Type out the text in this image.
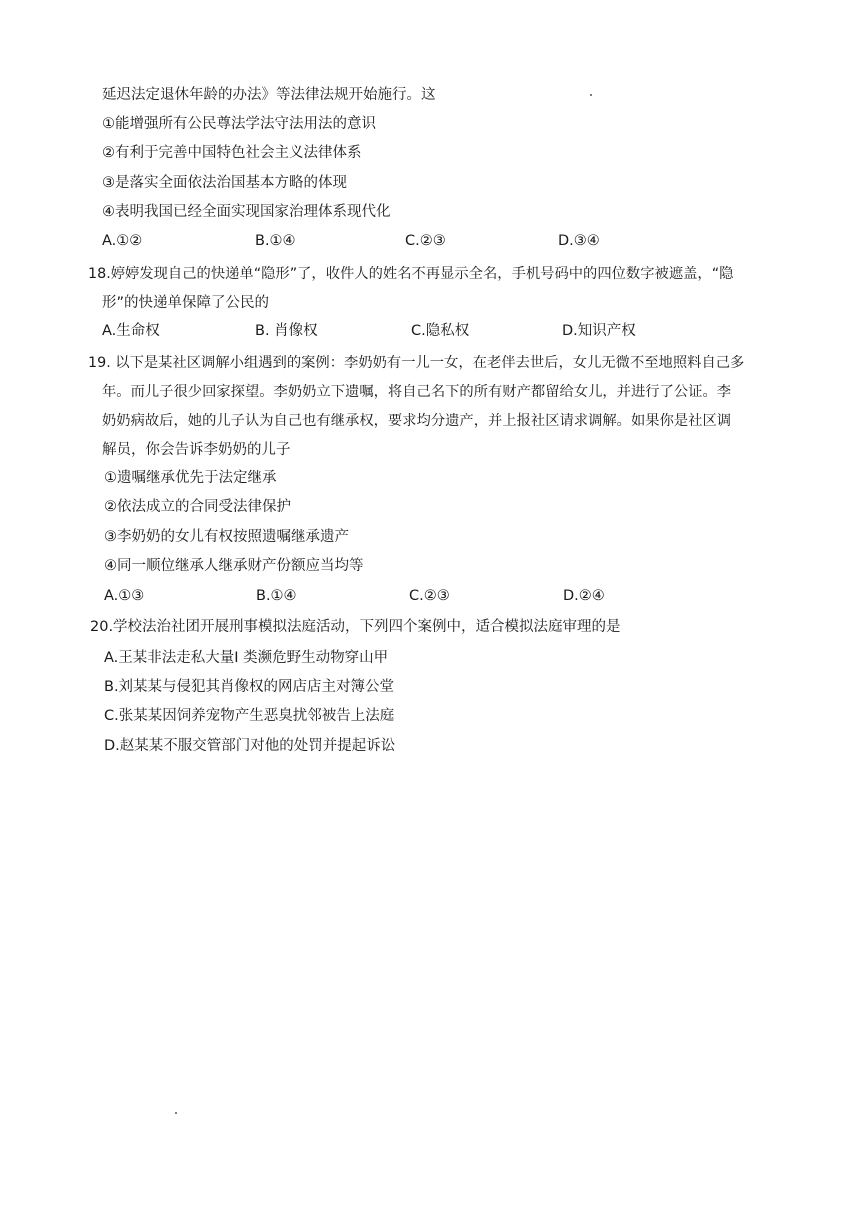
延迟法定退休年龄的办法》等法律法规开始施行。这
①能增强所有公民尊法学法守法用法的意识
②有利于完善中国特色社会主义法律体系
③是落实全面依法治国基本方略的体现
④表明我国已经全面实现国家治理体系现代化
A.①②	B.①④	C.②③	D.③④
18.婷婷发现自己的快递单“隐形”了，收件人的姓名不再显示全名，手机号码中的四位数字被遮盖，“隐
形”的快递单保障了公民的
A.生命权	B. 肖像权	C.隐私权	D.知识产权
19. 以下是某社区调解小组遇到的案例：李奶奶有一儿一女，在老伴去世后，女儿无微不至地照料自己多
年。而儿子很少回家探望。李奶奶立下遗嘱，将自己名下的所有财产都留给女儿，并进行了公证。李
奶奶病故后，她的儿子认为自己也有继承权，要求均分遗产，并上报社区请求调解。如果你是社区调
解员，你会告诉李奶奶的儿子
①遗嘱继承优先于法定继承
②依法成立的合同受法律保护
③李奶奶的女儿有权按照遗嘱继承遗产
④同一顺位继承人继承财产份额应当均等
A.①③	B.①④	C.②③	D.②④
20.学校法治社团开展刑事模拟法庭活动，下列四个案例中，适合模拟法庭审理的是
A.王某非法走私大量Ⅰ 类濒危野生动物穿山甲
B.刘某某与侵犯其肖像权的网店店主对簿公堂
C.张某某因饲养宠物产生恶臭扰邻被告上法庭
D.赵某某不服交管部门对他的处罚并提起诉讼
